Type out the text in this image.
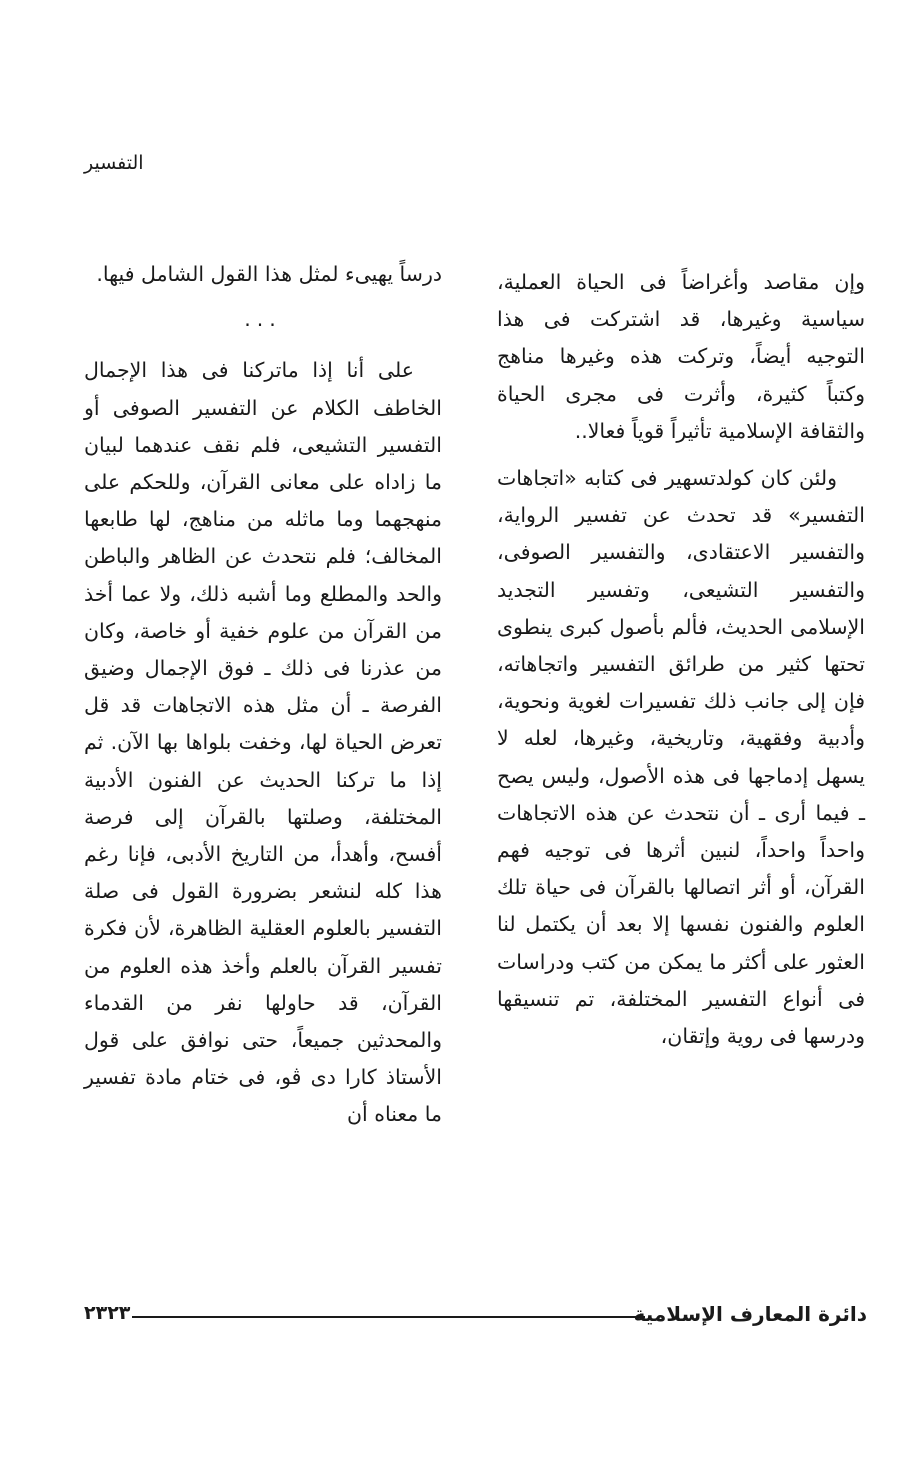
التفسير

وإن مقاصد وأغراضاً فى الحياة العملية، سياسية وغيرها، قد اشتركت فى هذا التوجيه أيضاً، وتركت هذه وغيرها مناهج وكتباً كثيرة، وأثرت فى مجرى الحياة والثقافة الإسلامية تأثيراً قوياً فعالا..

ولئن كان كولدتسهير فى كتابه «اتجاهات التفسير» قد تحدث عن تفسير الرواية، والتفسير الاعتقادى، والتفسير الصوفى، والتفسير التشيعى، وتفسير التجديد الإسلامى الحديث، فألم بأصول كبرى ينطوى تحتها كثير من طرائق التفسير واتجاهاته، فإن إلى جانب ذلك تفسيرات لغوية ونحوية، وأدبية وفقهية، وتاريخية، وغيرها، لعله لا يسهل إدماجها فى هذه الأصول، وليس يصح ـ فيما أرى ـ أن نتحدث عن هذه الاتجاهات واحداً واحداً، لنبين أثرها فى توجيه فهم القرآن، أو أثر اتصالها بالقرآن فى حياة تلك العلوم والفنون نفسها إلا بعد أن يكتمل لنا العثور على أكثر ما يمكن من كتب ودراسات فى أنواع التفسير المختلفة، تم تنسيقها ودرسها فى روية وإتقان،

درساً يهيىء لمثل هذا القول الشامل فيها.

...

على أنا إذا ماتركنا فى هذا الإجمال الخاطف الكلام عن التفسير الصوفى أو التفسير التشيعى، فلم نقف عندهما لبيان ما زاداه على معانى القرآن، وللحكم على منهجهما وما ماثله من مناهج، لها طابعها المخالف؛ فلم نتحدث عن الظاهر والباطن والحد والمطلع وما أشبه ذلك، ولا عما أخذ من القرآن من علوم خفية أو خاصة، وكان من عذرنا فى ذلك ـ فوق الإجمال وضيق الفرصة ـ أن مثل هذه الاتجاهات قد قل تعرض الحياة لها، وخفت بلواها بها الآن. ثم إذا ما تركنا الحديث عن الفنون الأدبية المختلفة، وصلتها بالقرآن إلى فرصة أفسح، وأهدأ، من التاريخ الأدبى، فإنا رغم هذا كله لنشعر بضرورة القول فى صلة التفسير بالعلوم العقلية الظاهرة، لأن فكرة تفسير القرآن بالعلم وأخذ هذه العلوم من القرآن، قد حاولها نفر من القدماء والمحدثين جميعاً، حتى نوافق على قول الأستاذ كارا دى ڤو، فى ختام مادة تفسير ما معناه أن

دائرة المعارف الإسلامية
٢٣٢٣
